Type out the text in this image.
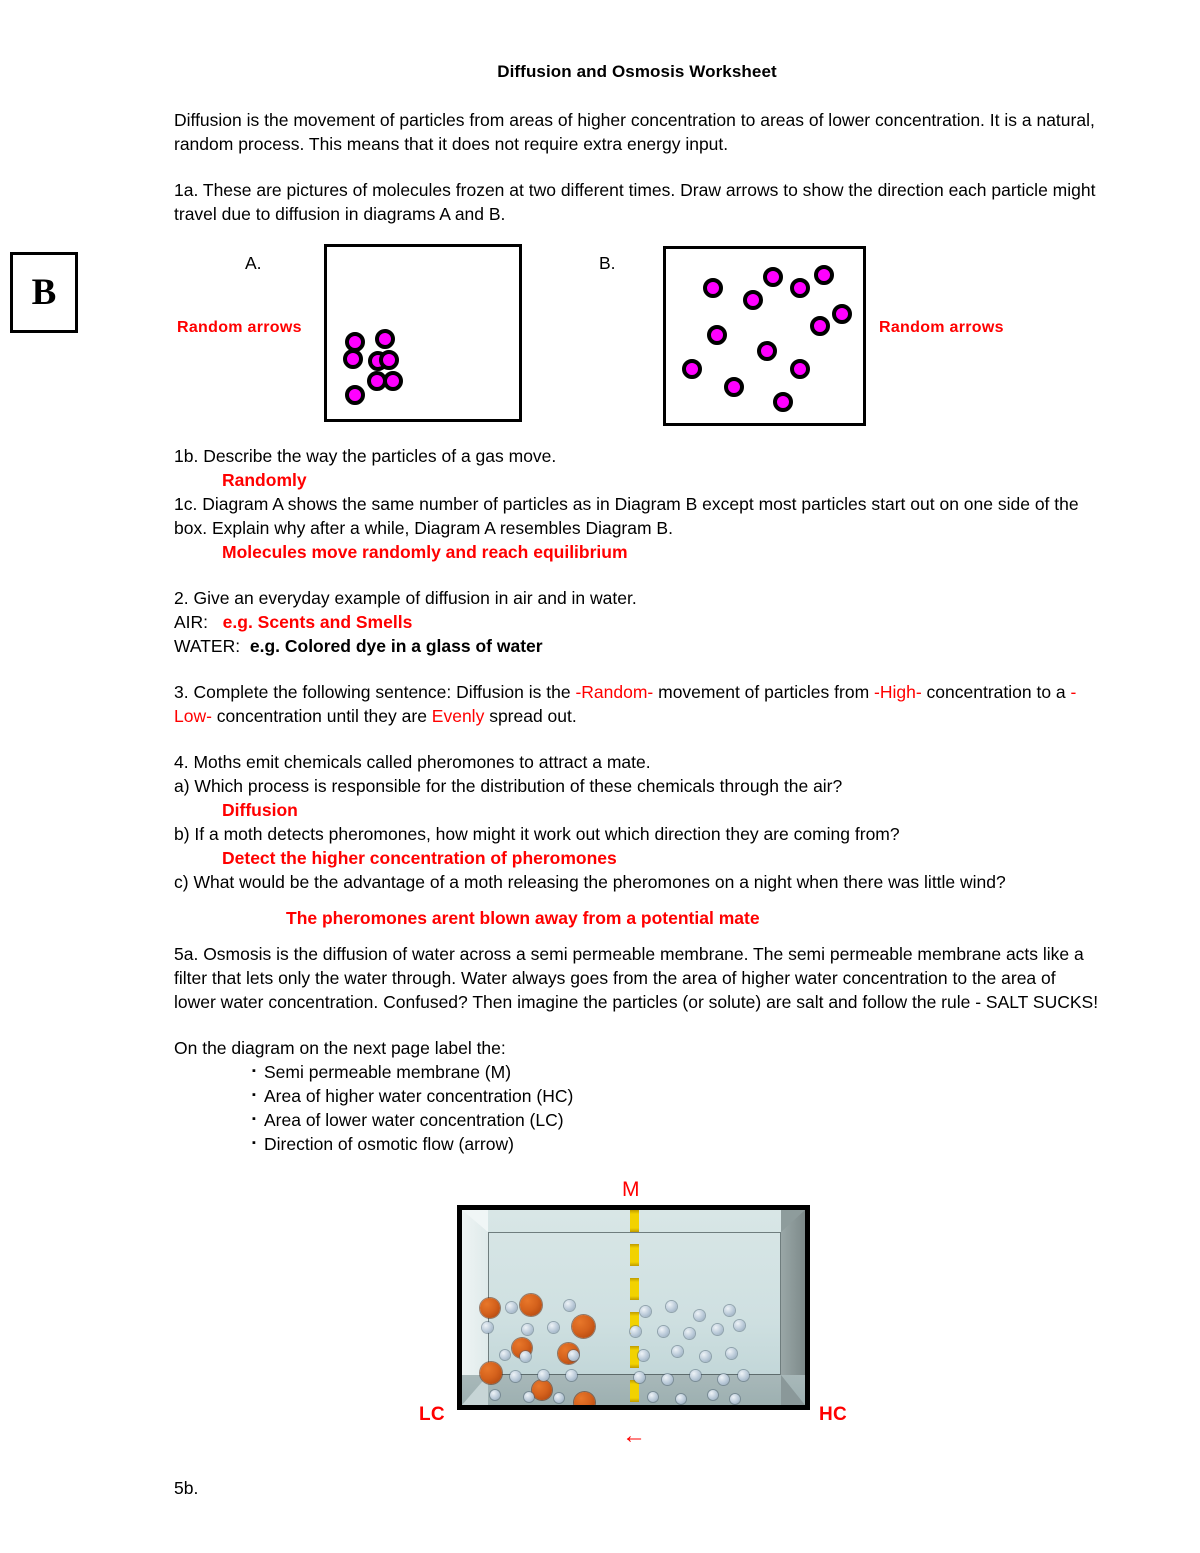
B
Diffusion and Osmosis Worksheet

Diffusion is the movement of particles from areas of higher concentration to areas of lower concentration. It is a natural, random process. This means that it does not require extra energy input.

1a. These are pictures of molecules frozen at two different times. Draw arrows to show the direction each particle might travel due to diffusion in diagrams A and B.

1b. Describe the way the particles of a gas move.

Randomly

1c. Diagram A shows the same number of particles as in Diagram B except most particles start out on one side of the box. Explain why after a while, Diagram A resembles Diagram B.

Molecules move randomly and reach equilibrium

2. Give an everyday example of diffusion in air and in water.

AIR: e.g. Scents and Smells

WATER: e.g. Colored dye in a glass of water

3. Complete the following sentence: Diffusion is the -Random- movement of particles from -High- concentration to a -Low- concentration until they are Evenly spread out.

4. Moths emit chemicals called pheromones to attract a mate.

a) Which process is responsible for the distribution of these chemicals through the air?

Diffusion

b) If a moth detects pheromones, how might it work out which direction they are coming from?

Detect the higher concentration of pheromones

c) What would be the advantage of a moth releasing the pheromones on a night when there was little wind?

The pheromones arent blown away from a potential mate

5a. Osmosis is the diffusion of water across a semi permeable membrane. The semi permeable membrane acts like a filter that lets only the water through. Water always goes from the area of higher water concentration to the area of lower water concentration. Confused? Then imagine the particles (or solute) are salt and follow the rule - SALT SUCKS!

On the diagram on the next page label the:

▪ Semi permeable membrane (M)
▪ Area of higher water concentration (HC)
▪ Area of lower water concentration (LC)
▪ Direction of osmotic flow (arrow)
A.	B.
Random arrows	Random arrows
M
LC	HC
←
5b.
